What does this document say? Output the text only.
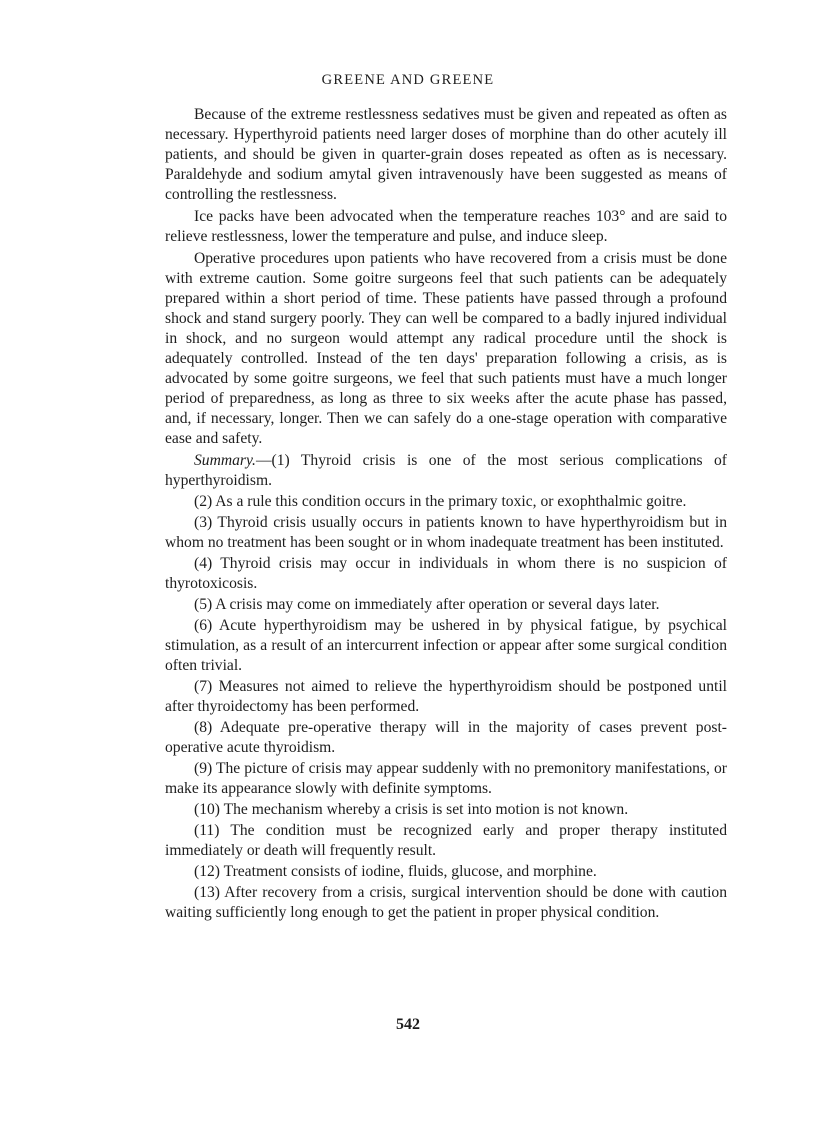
GREENE AND GREENE

Because of the extreme restlessness sedatives must be given and repeated as often as necessary. Hyperthyroid patients need larger doses of morphine than do other acutely ill patients, and should be given in quarter-grain doses repeated as often as is necessary. Paraldehyde and sodium amytal given intravenously have been suggested as means of controlling the restlessness.

Ice packs have been advocated when the temperature reaches 103° and are said to relieve restlessness, lower the temperature and pulse, and induce sleep.

Operative procedures upon patients who have recovered from a crisis must be done with extreme caution. Some goitre surgeons feel that such patients can be adequately prepared within a short period of time. These patients have passed through a profound shock and stand surgery poorly. They can well be compared to a badly injured individual in shock, and no surgeon would attempt any radical procedure until the shock is adequately controlled. Instead of the ten days' preparation following a crisis, as is advocated by some goitre surgeons, we feel that such patients must have a much longer period of preparedness, as long as three to six weeks after the acute phase has passed, and, if necessary, longer. Then we can safely do a one-stage operation with comparative ease and safety.

Summary.—(1) Thyroid crisis is one of the most serious complications of hyperthyroidism.

(2) As a rule this condition occurs in the primary toxic, or exophthalmic goitre.

(3) Thyroid crisis usually occurs in patients known to have hyperthyroidism but in whom no treatment has been sought or in whom inadequate treatment has been instituted.

(4) Thyroid crisis may occur in individuals in whom there is no suspicion of thyrotoxicosis.

(5) A crisis may come on immediately after operation or several days later.

(6) Acute hyperthyroidism may be ushered in by physical fatigue, by psychical stimulation, as a result of an intercurrent infection or appear after some surgical condition often trivial.

(7) Measures not aimed to relieve the hyperthyroidism should be postponed until after thyroidectomy has been performed.

(8) Adequate pre-operative therapy will in the majority of cases prevent post-operative acute thyroidism.

(9) The picture of crisis may appear suddenly with no premonitory manifestations, or make its appearance slowly with definite symptoms.

(10) The mechanism whereby a crisis is set into motion is not known.

(11) The condition must be recognized early and proper therapy instituted immediately or death will frequently result.

(12) Treatment consists of iodine, fluids, glucose, and morphine.

(13) After recovery from a crisis, surgical intervention should be done with caution waiting sufficiently long enough to get the patient in proper physical condition.

542
